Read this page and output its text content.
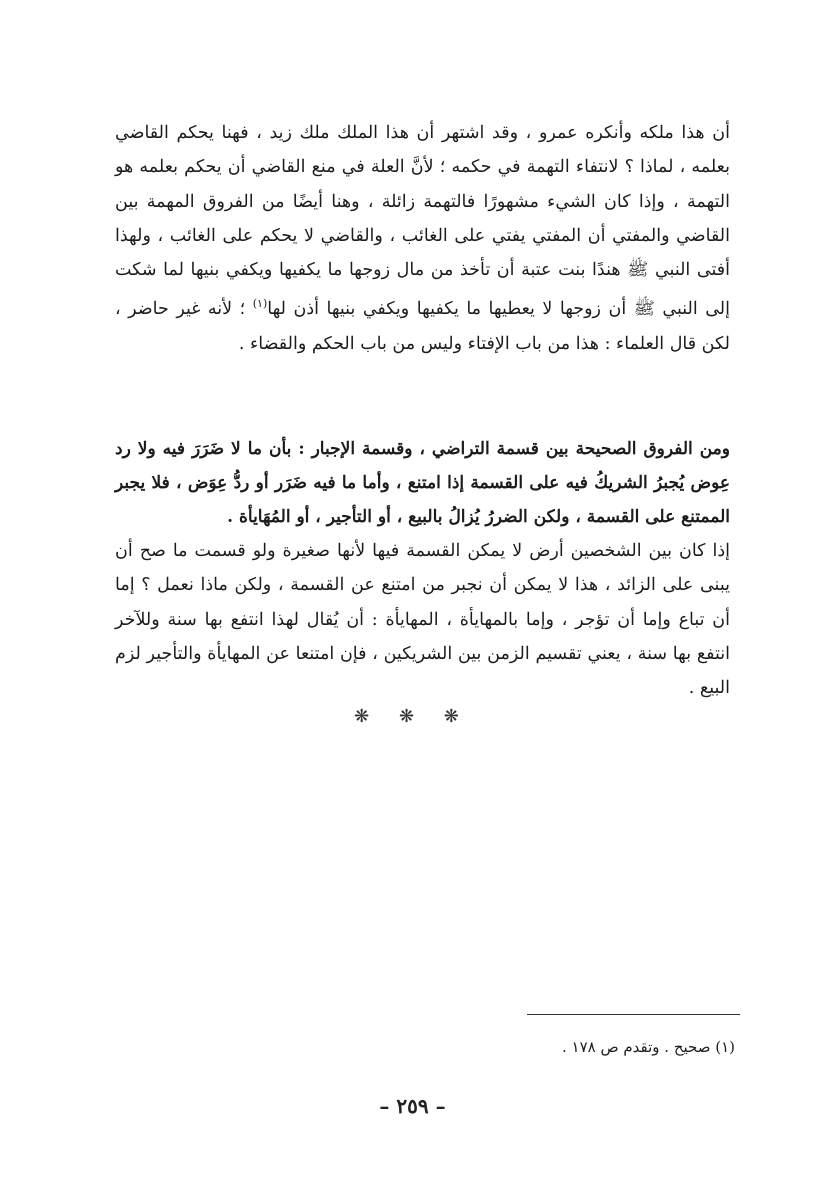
أن هذا ملكه وأنكره عمرو ، وقد اشتهر أن هذا الملك ملك زيد ، فهنا يحكم القاضي بعلمه ، لماذا ؟ لانتفاء التهمة في حكمه ؛ لأنَّ العلة في منع القاضي أن يحكم بعلمه هو التهمة ، وإذا كان الشيء مشهورًا فالتهمة زائلة ، وهنا أيضًا من الفروق المهمة بين القاضي والمفتي أن المفتي يفتي على الغائب ، والقاضي لا يحكم على الغائب ، ولهذا أفتى النبي ﷺ هندًا بنت عتبة أن تأخذ من مال زوجها ما يكفيها ويكفي بنيها لما شكت إلى النبي ﷺ أن زوجها لا يعطيها ما يكفيها ويكفي بنيها أذن لها$^{(١)}$ ؛ لأنه غير حاضر ، لكن قال العلماء : هذا من باب الإفتاء وليس من باب الحكم والقضاء .

ومن الفروق الصحيحة بين قسمة التراضي ، وقسمة الإجبار : بأن ما لا ضَرَرَ فيه ولا رد عِوض يُجبرُ الشريكُ فيه على القسمة إذا امتنع ، وأما ما فيه ضَرَر أو ردُّ عِوَض ، فلا يجبر الممتنع على القسمة ، ولكن الضررُ يُزالُ بالبيع ، أو التأجير ، أو المُهَايأة .

إذا كان بين الشخصين أرض لا يمكن القسمة فيها لأنها صغيرة ولو قسمت ما صح أن يبنى على الزائد ، هذا لا يمكن أن نجبر من امتنع عن القسمة ، ولكن ماذا نعمل ؟ إما أن تباع وإما أن تؤجر ، وإما بالمهايأة ، المهايأة : أن يُقال لهذا انتفع بها سنة وللآخر انتفع بها سنة ، يعني تقسيم الزمن بين الشريكين ، فإن امتنعا عن المهايأة والتأجير لزم البيع .

❋ ❋ ❋
(١) صحيح . وتقدم ص ١٧٨ .
– ٢٥٩ –
